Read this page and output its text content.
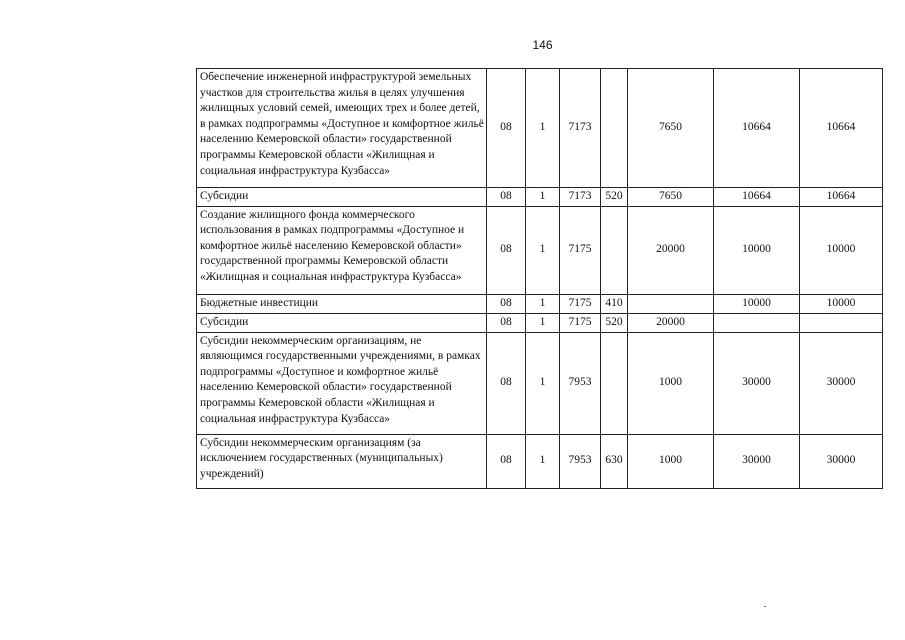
146
Обеспечение инженерной инфраструктурой земельных участков для строительства жилья в целях улучшения жилищных условий семей, имеющих трех и более детей, в рамках подпрограммы «Доступное и комфортное жильё населению Кемеровской области» государственной программы Кемеровской области «Жилищная и социальная инфраструктура Кузбасса»	08	1	7173		7650	10664	10664
Субсидии	08	1	7173	520	7650	10664	10664
Создание жилищного фонда коммерческого использования в рамках подпрограммы «Доступное и комфортное жильё населению Кемеровской области» государственной программы Кемеровской области «Жилищная и социальная инфраструктура Кузбасса»	08	1	7175		20000	10000	10000
Бюджетные инвестиции	08	1	7175	410		10000	10000
Субсидии	08	1	7175	520	20000		
Субсидии некоммерческим организациям, не являющимся государственными учреждениями, в рамках подпрограммы «Доступное и комфортное жильё населению Кемеровской области» государственной программы Кемеровской области «Жилищная и социальная инфраструктура Кузбасса»	08	1	7953		1000	30000	30000
Субсидии некоммерческим организациям (за исключением государственных (муниципальных) учреждений)	08	1	7953	630	1000	30000	30000
